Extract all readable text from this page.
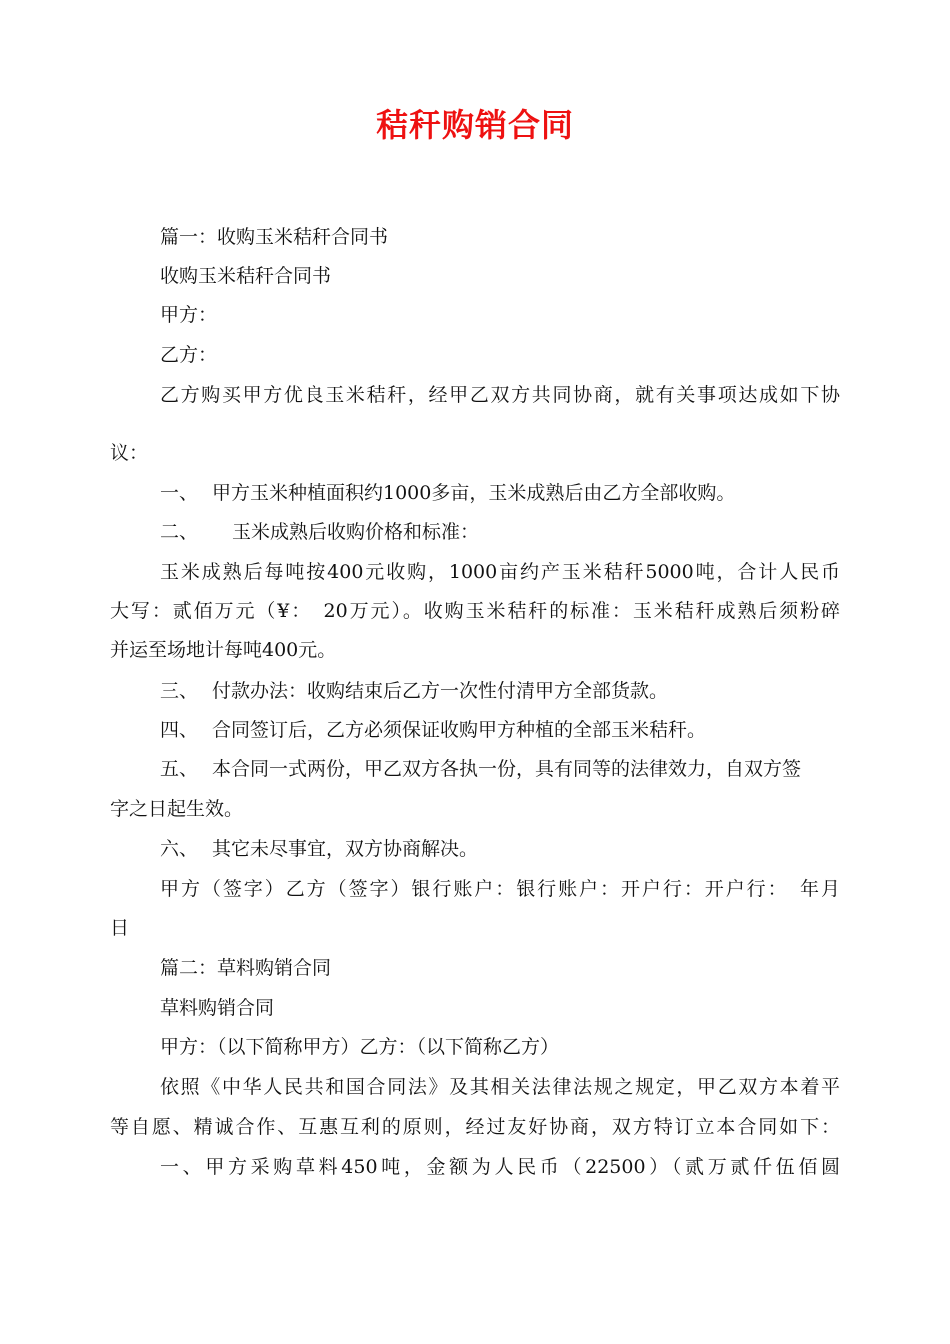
秸秆购销合同
篇一：收购玉米秸秆合同书
收购玉米秸秆合同书
甲方：
乙方：
乙方购买甲方优良玉米秸秆，经甲乙双方共同协商，就有关事项达成如下协
议：
一、 甲方玉米种植面积约1000多亩，玉米成熟后由乙方全部收购。
二、 玉米成熟后收购价格和标准：
玉米成熟后每吨按400元收购，1000亩约产玉米秸秆5000吨，合计人民币
大写：贰佰万元（¥：　20万元）。收购玉米秸秆的标准：玉米秸秆成熟后须粉碎
并运至场地计每吨400元。
三、 付款办法：收购结束后乙方一次性付清甲方全部货款。
四、 合同签订后，乙方必须保证收购甲方种植的全部玉米秸秆。
五、 本合同一式两份，甲乙双方各执一份，具有同等的法律效力，自双方签
字之日起生效。
六、 其它未尽事宜，双方协商解决。
甲方（签字）乙方（签字）银行账户：银行账户：开户行：开户行：　年月
日
篇二：草料购销合同
草料购销合同
甲方：（以下简称甲方）乙方：（以下简称乙方）
依照《中华人民共和国合同法》及其相关法律法规之规定，甲乙双方本着平
等自愿、精诚合作、互惠互利的原则，经过友好协商，双方特订立本合同如下：
一、甲方采购草料450吨，金额为人民币（22500）（贰万贰仟伍佰圆
